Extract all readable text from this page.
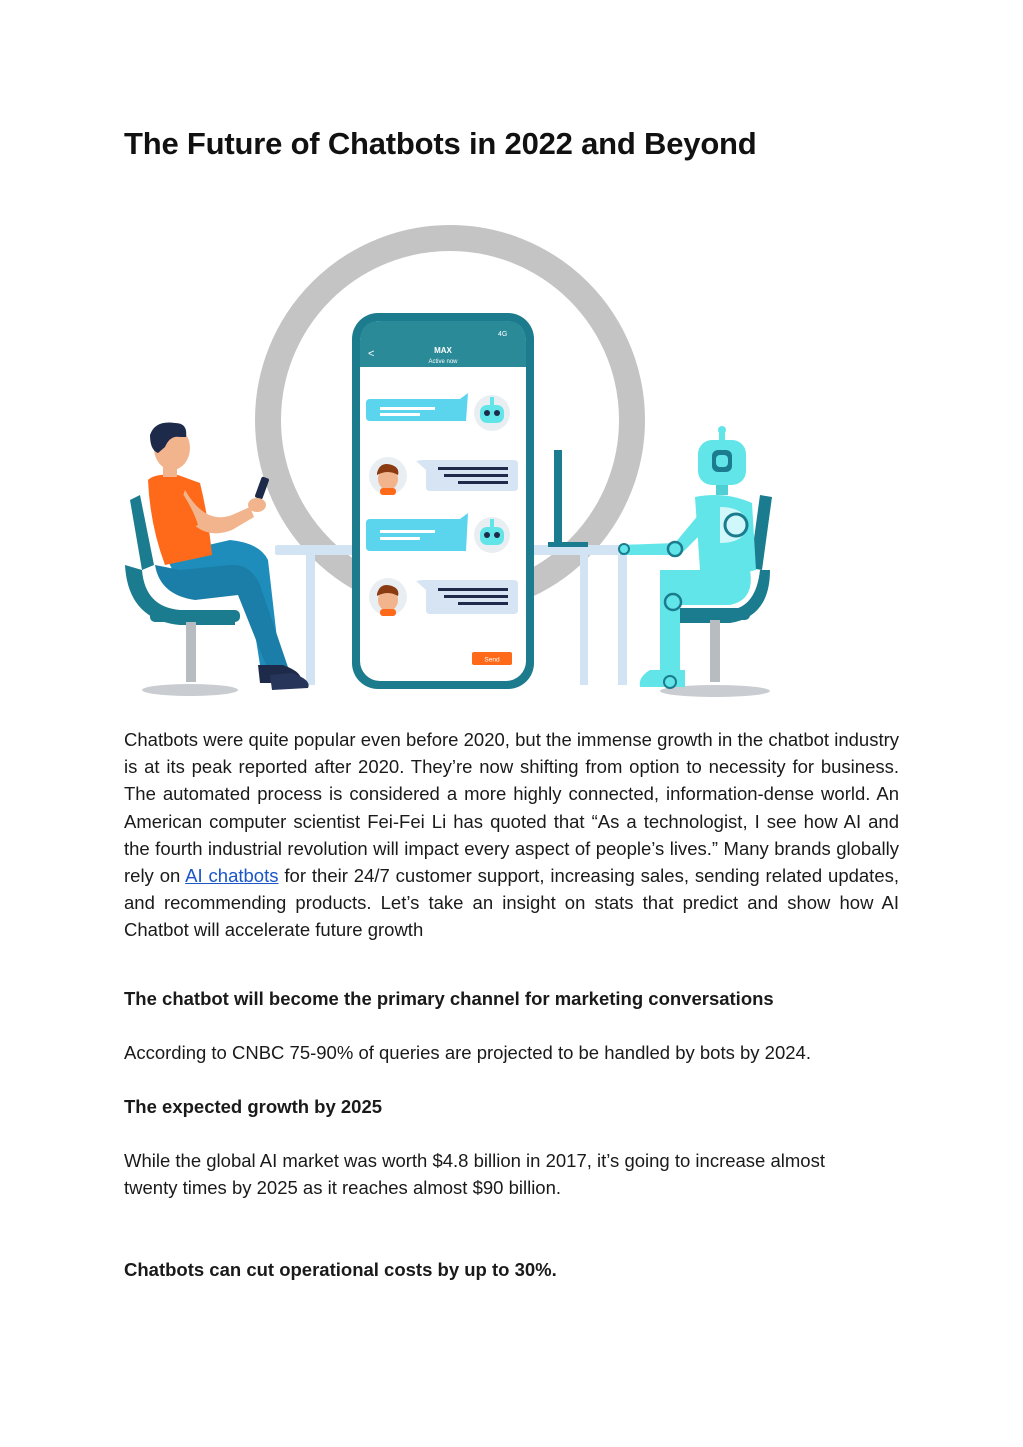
The Future of Chatbots in 2022 and Beyond
<
4G
MAX
Active now
Send

Chatbots were quite popular even before 2020, but the immense growth in the chatbot industry is at its peak reported after 2020. They’re now shifting from option to necessity for business. The automated process is considered a more highly connected, information-dense world. An American computer scientist Fei-Fei Li has quoted that “As a technologist, I see how AI and the fourth industrial revolution will impact every aspect of people’s lives.” Many brands globally rely on AI chatbots for their 24/7 customer support, increasing sales, sending related updates, and recommending products. Let’s take an insight on stats that predict and show how AI Chatbot will accelerate future growth

The chatbot will become the primary channel for marketing conversations

According to CNBC 75-90% of queries are projected to be handled by bots by 2024.

The expected growth by 2025

While the global AI market was worth $4.8 billion in 2017, it’s going to increase almost twenty times by 2025 as it reaches almost $90 billion.

Chatbots can cut operational costs by up to 30%.
